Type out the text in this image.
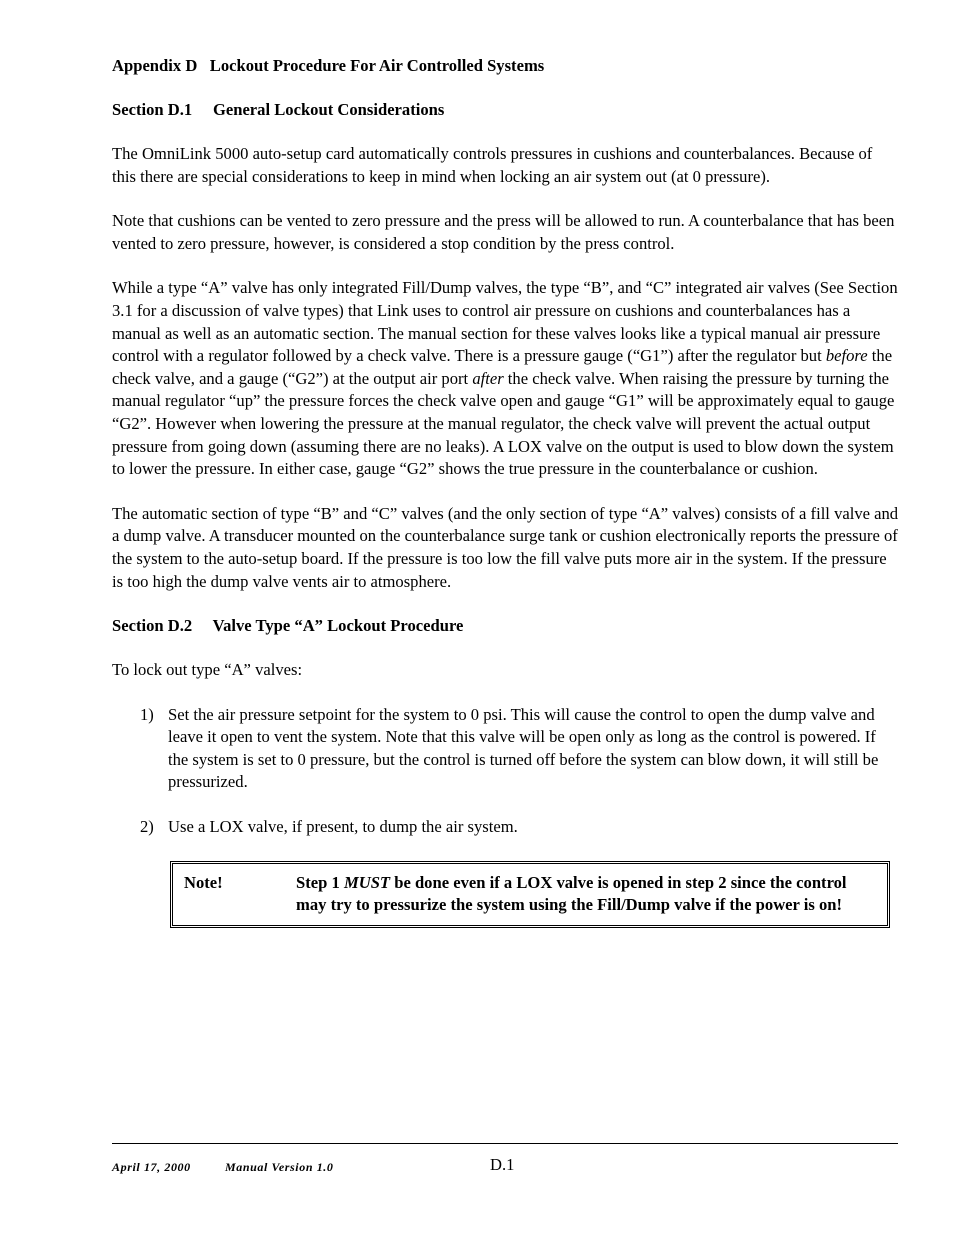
Appendix D   Lockout Procedure For Air Controlled Systems
Section D.1     General Lockout Considerations

The OmniLink 5000 auto-setup card automatically controls pressures in cushions and counterbalances. Because of this there are special considerations to keep in mind when locking an air system out (at 0 pressure).

Note that cushions can be vented to zero pressure and the press will be allowed to run. A counterbalance that has been vented to zero pressure, however, is considered a stop condition by the press control.

While a type “A” valve has only integrated Fill/Dump valves, the type “B”, and “C” integrated air valves (See Section 3.1 for a discussion of valve types) that Link uses to control air pressure on cushions and counterbalances has a manual as well as an automatic section. The manual section for these valves looks like a typical manual air pressure control with a regulator followed by a check valve. There is a pressure gauge (“G1”) after the regulator but before the check valve, and a gauge (“G2”) at the output air port after the check valve. When raising the pressure by turning the manual regulator “up” the pressure forces the check valve open and gauge “G1” will be approximately equal to gauge “G2”. However when lowering the pressure at the manual regulator, the check valve will prevent the actual output pressure from going down (assuming there are no leaks). A LOX valve on the output is used to blow down the system to lower the pressure. In either case, gauge “G2” shows the true pressure in the counterbalance or cushion.

The automatic section of type “B” and “C” valves (and the only section of type “A” valves) consists of a fill valve and a dump valve. A transducer mounted on the counterbalance surge tank or cushion electronically reports the pressure of the system to the auto-setup board. If the pressure is too low the fill valve puts more air in the system. If the pressure is too high the dump valve vents air to atmosphere.

Section D.2     Valve Type “A” Lockout Procedure

To lock out type “A” valves:

1) Set the air pressure setpoint for the system to 0 psi. This will cause the control to open the dump valve and leave it open to vent the system. Note that this valve will be open only as long as the control is powered. If the system is set to 0 pressure, but the control is turned off before the system can blow down, it will still be pressurized.
2) Use a LOX valve, if present, to dump the air system.
Note!	Step 1 MUST be done even if a LOX valve is opened in step 2 since the control may try to pressurize the system using the Fill/Dump valve if the power is on!
April 17, 2000	Manual Version 1.0	D.1
